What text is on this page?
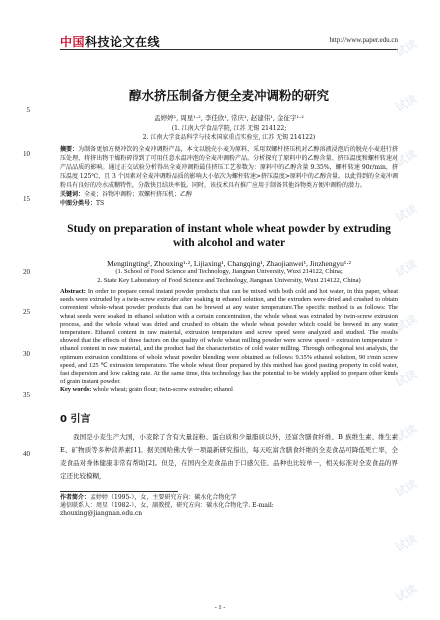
中国科技论文在线	http://www.paper.edu.cn
试读
试读
试读
试读
试读
试读
试读
试读
试读
试读
试读
5
10
15
20
25
30
35
40
醇水挤压制备方便全麦冲调粉的研究
孟婷婷¹, 周星¹·², 李佳欣¹, 常庆¹, 赵建伟¹, 金征宇¹·²
(1. 江南大学食品学院, 江苏 无锡 214122;
2. 江南大学食品科学与技术国家重点实验室, 江苏 无锡 214122)
摘要：为制备更加方便冲饮的全麦冲调粉产品，本文以脱壳小麦为原料，采用双螺杆挤压机对乙醇溶液浸泡后的脱壳小麦进行挤压处理，将挤出物干燥粉碎得到了可用任意水温冲泡的全麦冲调粉产品。分析探究了原料中的乙醇含量、挤压温度和螺杆转速对产品品质的影响。通过正交试验分析得出全麦冲调粉最佳挤压工艺参数为：原料中的乙醇含量 9.35%，螺杆转速 90r/min，挤压温度 125℃，且 3 个因素对全麦冲调粉品质的影响大小依次为螺杆转速>挤压温度>原料中的乙醇含量。以此得到的全麦冲调粉具有良好的冷水成糊特性，分散快且结块率低。同时，该技术具有推广应用于制备其他谷物类方便冲调粉的潜力。
关键词：全麦；谷物冲调粉；双螺杆挤压机；乙醇
中图分类号：TS
Study on preparation of instant whole wheat powder by extruding with alcohol and water
Mengtingting¹, Zhouxing¹·², Lijiaxing¹, Changqing¹, Zhaojianwei¹, Jinzhengyu¹·²
(1. School of Food Science and Technology, Jiangnan University, Wuxi 214122, China;
2. State Key Laboratory of Food Science and Technology, Jiangnan University, Wuxi 214122, China)
Abstract: In order to prepare cereal instant powder products that can be mixed with both cold and hot water, in this paper, wheat seeds were extruded by a twin-screw extruder after soaking in ethanol solution, and the extruders were dried and crushed to obtain convenient whole-wheat powder products that can be brewed at any water temperature.The specific method is as follows: The wheat seeds were soaked in ethanol solution with a certain concentration, the whole wheat was extruded by twin-screw extrusion process, and the whole wheat was dried and crushed to obtain the whole wheat powder which could be brewed in any water temperature. Ethanol content in raw material, extrusion temperature and screw speed were analyzed and studied. The results showed that the effects of three factors on the quality of whole wheat milling powder were screw speed > extrusion temperature > ethanol content in raw material, and the product had the characteristics of cold water milling. Through orthogonal test analysis, the optimum extrusion conditions of whole wheat powder blending were obtained as follows: 9.35% ethanol solution, 90 r/min screw speed, and 125 ℃ extrusion temperature. The whole wheat flour prepared by this method has good pasting property in cold water, fast dispersion and low caking rate. At the same time, this technology has the potential to be widely applied to prepare other kinds of grain instant powder.
Key words: whole wheat; grain flour; twin-screw extruder; ethanol
0 引言
我国是小麦生产大国，小麦除了含有大量淀粉、蛋白质和少量脂质以外，还富含膳食纤维、B 族维生素、维生素 E、矿物质等多种营养素[1]。据美国哈佛大学一项最新研究指出，每天吃富含膳食纤维的全麦食品可降低死亡率，全麦食品对身体健康非常有帮助[2]。但是，在国内全麦食品由于口感欠佳、品种也比较单一，相关标准对全麦食品的界定还比较模糊，
作者简介：孟婷婷（1995-），女，主要研究方向：碳水化合物化学
通信联系人：周星（1982-），女，副教授，研究方向：碳水化合物化学. E-mail:
zhouxing@jiangnan.edu.cn
- 1 -
